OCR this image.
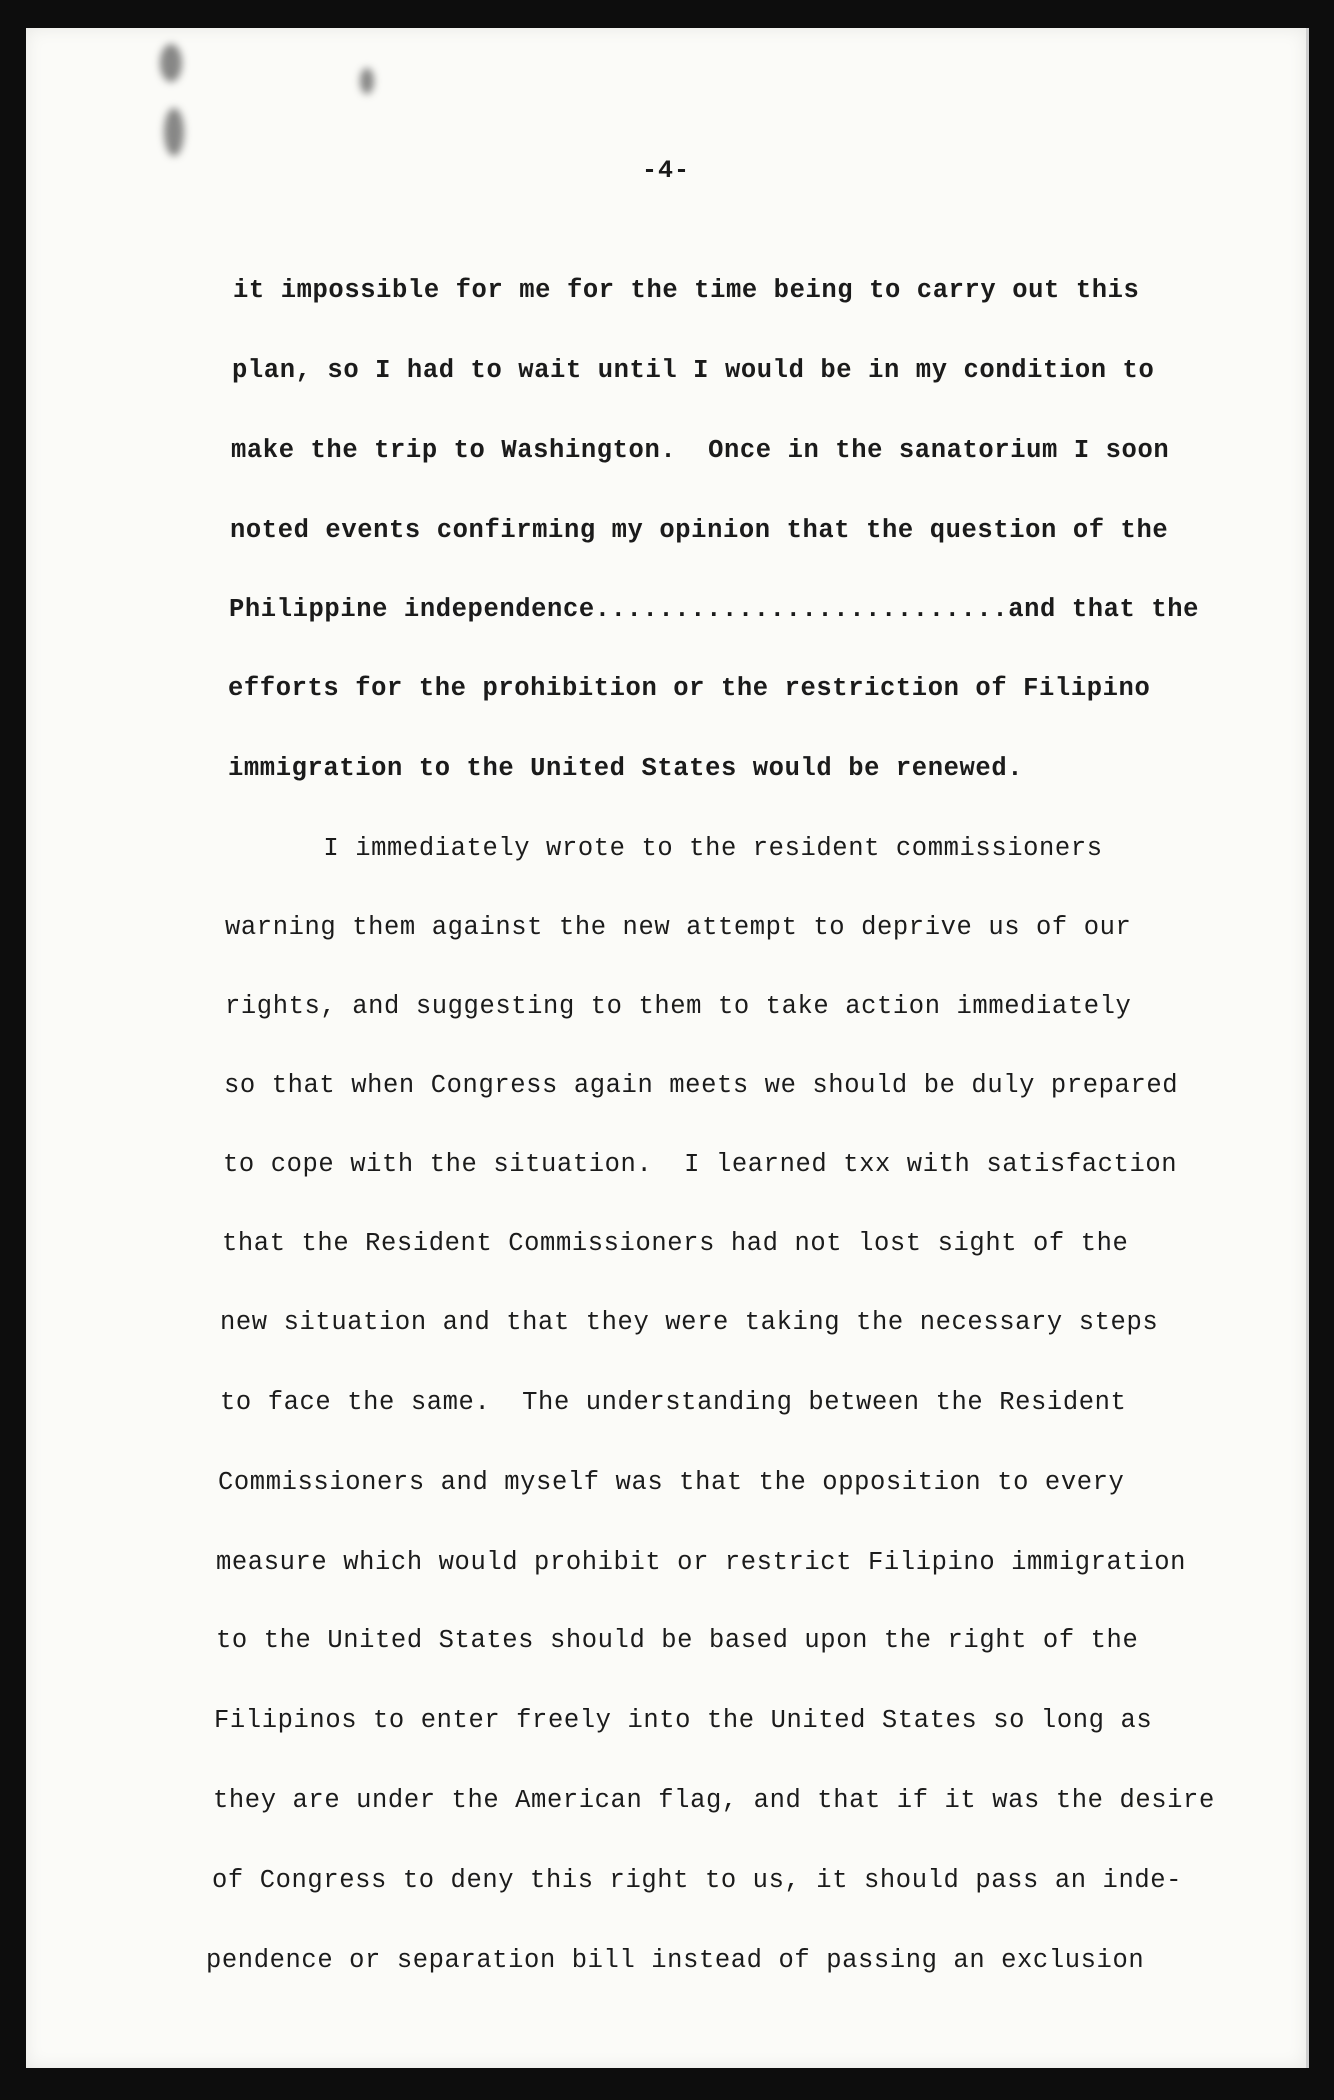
-4-
it impossible for me for the time being to carry out this
plan, so I had to wait until I would be in my condition to
make the trip to Washington.  Once in the sanatorium I soon
noted events confirming my opinion that the question of the
Philippine independence..........................and that the
efforts for the prohibition or the restriction of Filipino
immigration to the United States would be renewed.
I immediately wrote to the resident commissioners
warning them against the new attempt to deprive us of our
rights, and suggesting to them to take action immediately
so that when Congress again meets we should be duly prepared
to cope with the situation.  I learned txx with satisfaction
that the Resident Commissioners had not lost sight of the
new situation and that they were taking the necessary steps
to face the same.  The understanding between the Resident
Commissioners and myself was that the opposition to every
measure which would prohibit or restrict Filipino immigration
to the United States should be based upon the right of the
Filipinos to enter freely into the United States so long as
they are under the American flag, and that if it was the desire
of Congress to deny this right to us, it should pass an inde-
pendence or separation bill instead of passing an exclusion
